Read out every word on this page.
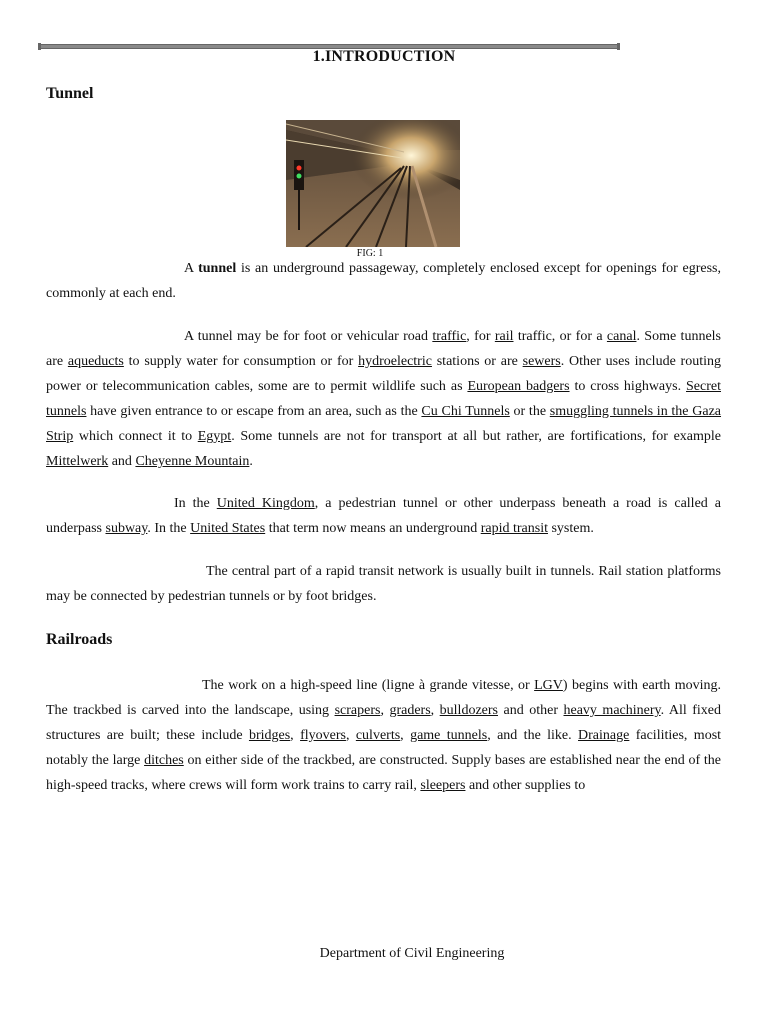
1.INTRODUCTION
Tunnel
FIG: 1
A tunnel is an underground passageway, completely enclosed except for openings for egress, commonly at each end.
A tunnel may be for foot or vehicular road traffic, for rail traffic, or for a canal. Some tunnels are aqueducts to supply water for consumption or for hydroelectric stations or are sewers. Other uses include routing power or telecommunication cables, some are to permit wildlife such as European badgers to cross highways. Secret tunnels have given entrance to or escape from an area, such as the Cu Chi Tunnels or the smuggling tunnels in the Gaza Strip which connect it to Egypt. Some tunnels are not for transport at all but rather, are fortifications, for example Mittelwerk and Cheyenne Mountain.
In the United Kingdom, a pedestrian tunnel or other underpass beneath a road is called a underpass subway. In the United States that term now means an underground rapid transit system.
The central part of a rapid transit network is usually built in tunnels. Rail station platforms may be connected by pedestrian tunnels or by foot bridges.
Railroads
The work on a high-speed line (ligne à grande vitesse, or LGV) begins with earth moving. The trackbed is carved into the landscape, using scrapers, graders, bulldozers and other heavy machinery. All fixed structures are built; these include bridges, flyovers, culverts, game tunnels, and the like. Drainage facilities, most notably the large ditches on either side of the trackbed, are constructed. Supply bases are established near the end of the high-speed tracks, where crews will form work trains to carry rail, sleepers and other supplies to
Department of Civil Engineering
